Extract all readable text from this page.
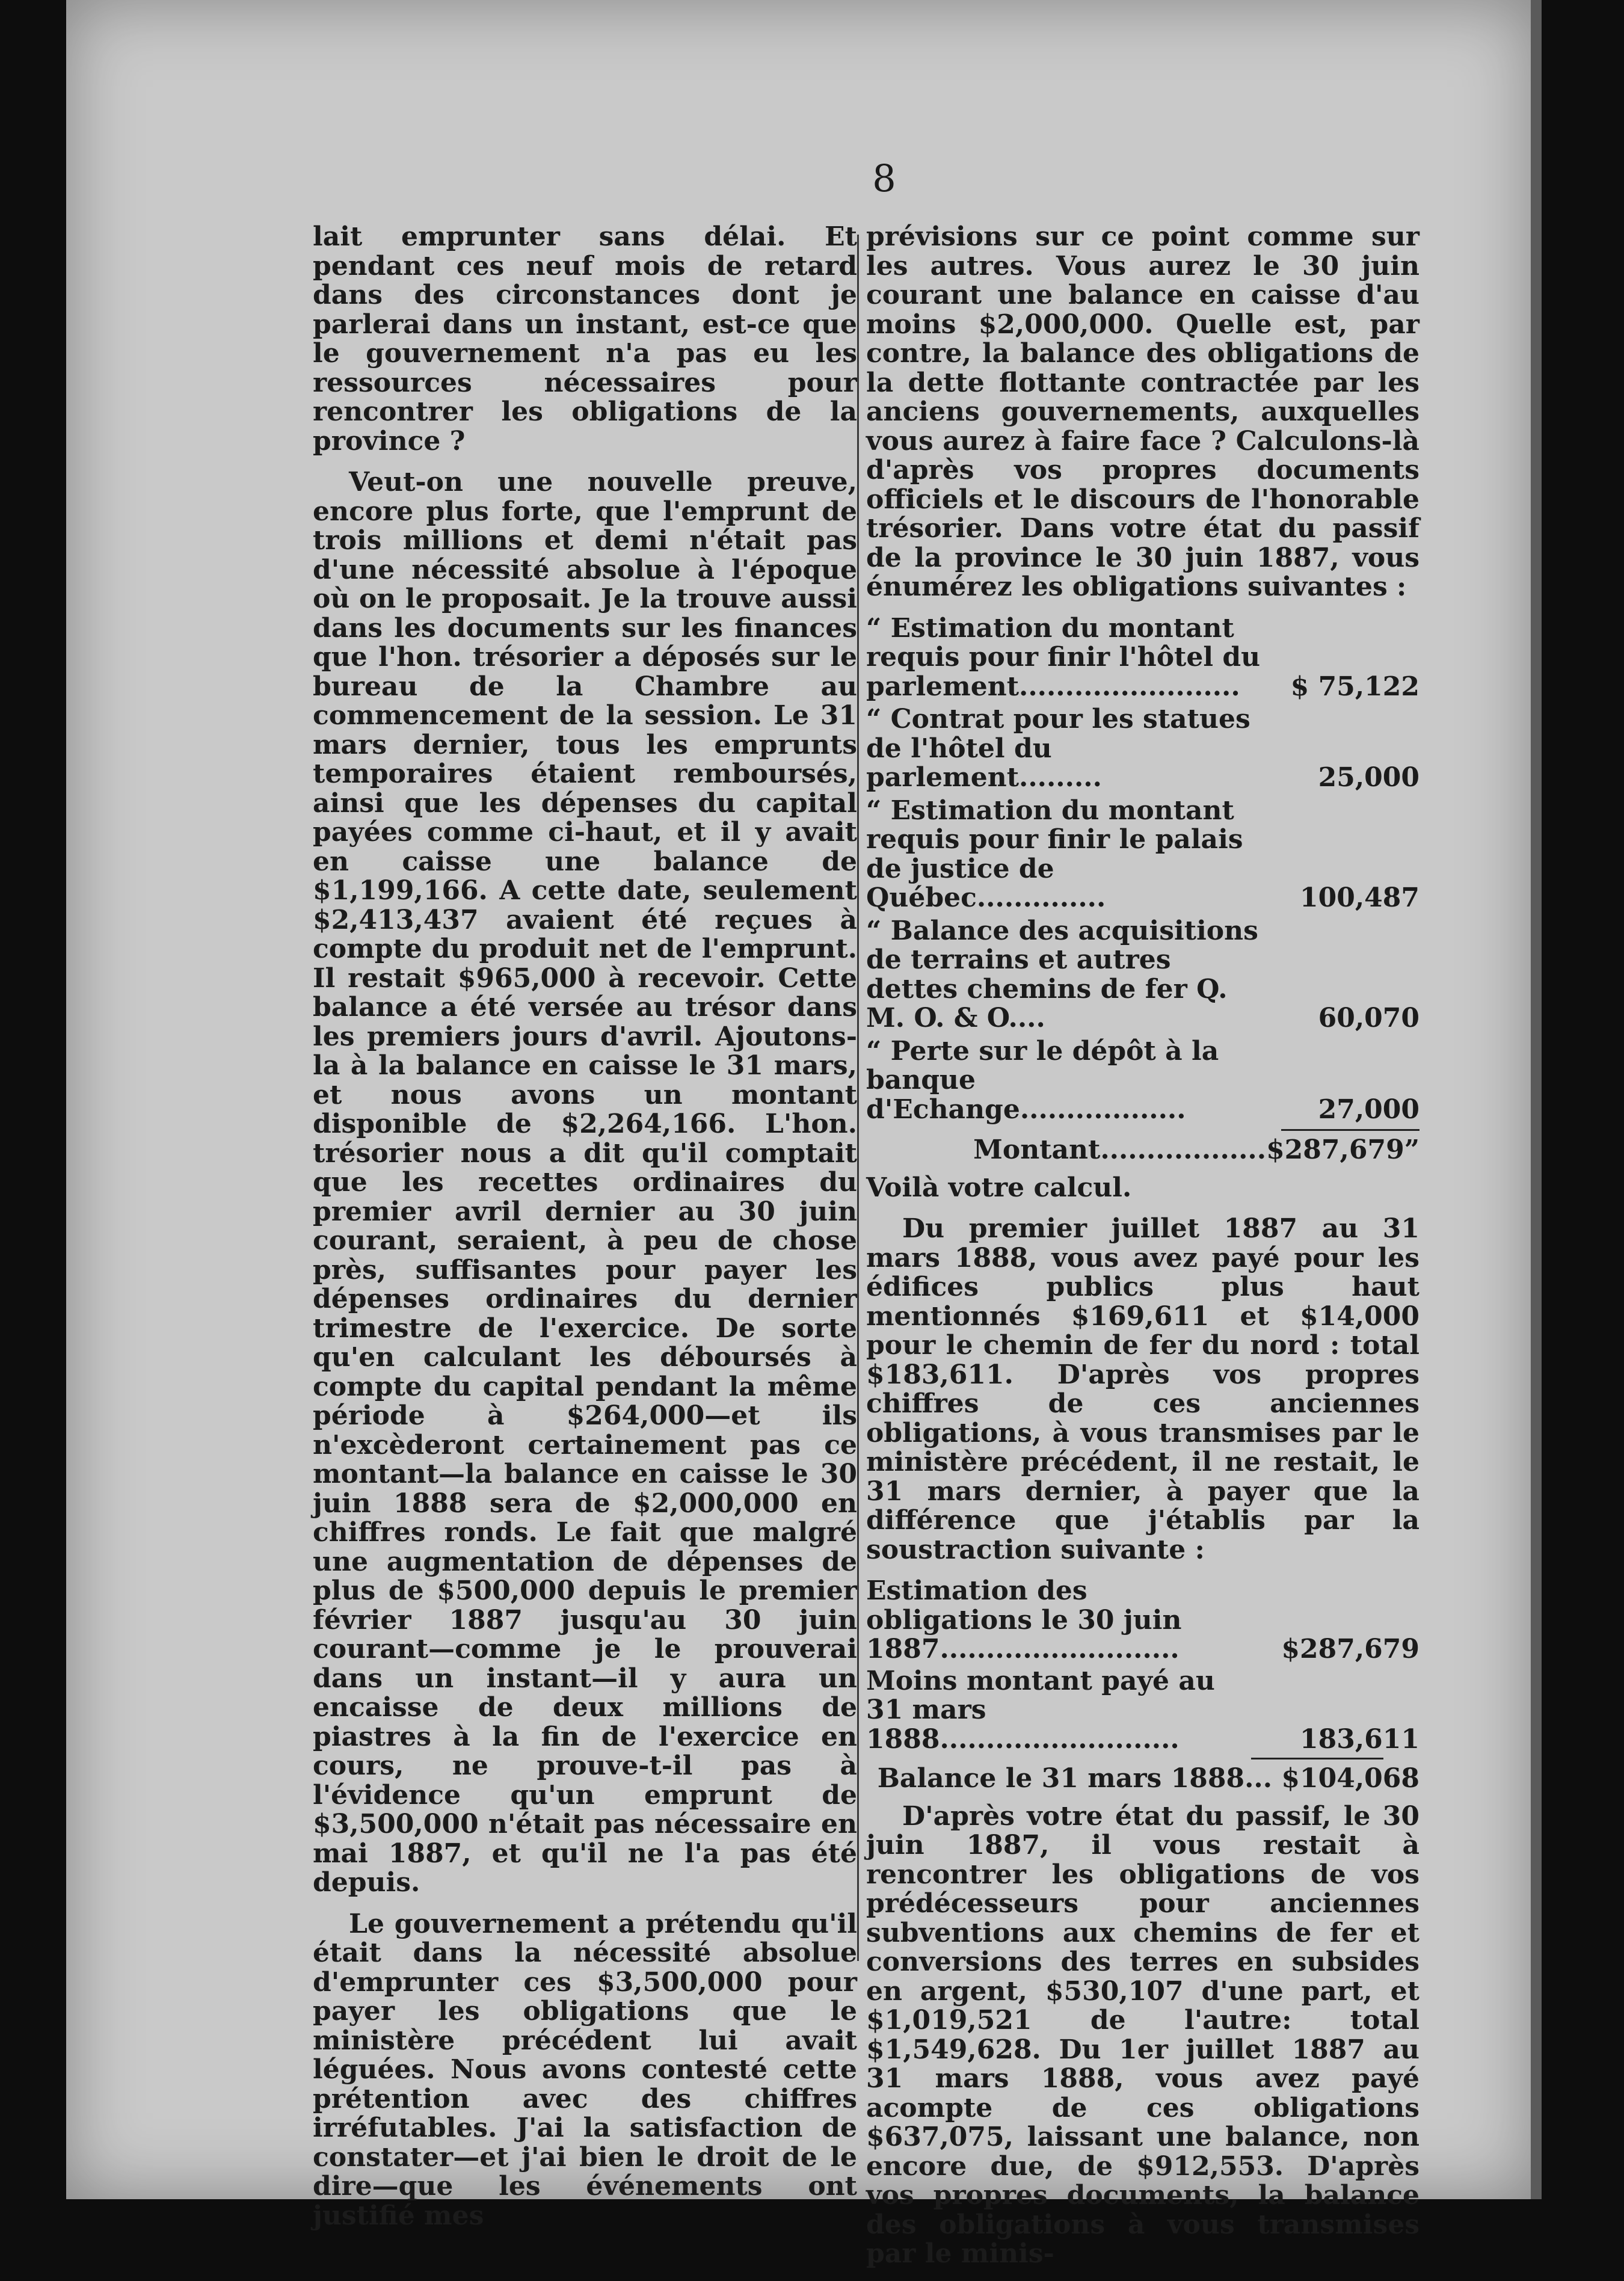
8

lait emprunter sans délai. Et pendant ces neuf mois de retard dans des circonstances dont je parlerai dans un instant, est-ce que le gouvernement n'a pas eu les ressources nécessaires pour rencontrer les obligations de la province ?

Veut-on une nouvelle preuve, encore plus forte, que l'emprunt de trois millions et demi n'était pas d'une nécessité absolue à l'époque où on le proposait. Je la trouve aussi dans les documents sur les finances que l'hon. trésorier a déposés sur le bureau de la Chambre au commencement de la session. Le 31 mars dernier, tous les emprunts temporaires étaient remboursés, ainsi que les dépenses du capital payées comme ci-haut, et il y avait en caisse une balance de $1,199,166. A cette date, seulement $2,413,437 avaient été reçues à compte du produit net de l'emprunt. Il restait $965,000 à recevoir. Cette balance a été versée au trésor dans les premiers jours d'avril. Ajoutons-la à la balance en caisse le 31 mars, et nous avons un montant disponible de $2,264,166. L'hon. trésorier nous a dit qu'il comptait que les recettes ordinaires du premier avril dernier au 30 juin courant, seraient, à peu de chose près, suffisantes pour payer les dépenses ordinaires du dernier trimestre de l'exercice. De sorte qu'en calculant les déboursés à compte du capital pendant la même période à $264,000—et ils n'excèderont certainement pas ce montant—la balance en caisse le 30 juin 1888 sera de $2,000,000 en chiffres ronds. Le fait que malgré une augmentation de dépenses de plus de $500,000 depuis le premier février 1887 jusqu'au 30 juin courant—comme je le prouverai dans un instant—il y aura un encaisse de deux millions de piastres à la fin de l'exercice en cours, ne prouve-t-il pas à l'évidence qu'un emprunt de $3,500,000 n'était pas nécessaire en mai 1887, et qu'il ne l'a pas été depuis.

Le gouvernement a prétendu qu'il était dans la nécessité absolue d'emprunter ces $3,500,000 pour payer les obligations que le ministère précédent lui avait léguées. Nous avons contesté cette prétention avec des chiffres irréfutables. J'ai la satisfaction de constater—et j'ai bien le droit de le dire—que les événements ont justifié mes

prévisions sur ce point comme sur les autres. Vous aurez le 30 juin courant une balance en caisse d'au moins $2,000,000. Quelle est, par contre, la balance des obligations de la dette flottante contractée par les anciens gouvernements, auxquelles vous aurez à faire face ? Calculons-là d'après vos propres documents officiels et le discours de l'honorable trésorier. Dans votre état du passif de la province le 30 juin 1887, vous énumérez les obligations suivantes :

“ Estimation du montant requis pour finir l'hôtel du parlement........................	$ 75,122
“ Contrat pour les statues de l'hôtel du parlement.........	25,000
“ Estimation du montant requis pour finir le palais de justice de Québec..............	100,487
“ Balance des acquisitions de terrains et autres dettes chemins de fer Q. M. O. & O....	60,070
“ Perte sur le dépôt à la banque d'Echange..................	27,000
Montant..................$287,679”

Voilà votre calcul.

Du premier juillet 1887 au 31 mars 1888, vous avez payé pour les édifices publics plus haut mentionnés $169,611 et $14,000 pour le chemin de fer du nord : total $183,611. D'après vos propres chiffres de ces anciennes obligations, à vous transmises par le ministère précédent, il ne restait, le 31 mars dernier, à payer que la différence que j'établis par la soustraction suivante :

Estimation des obligations le 30 juin 1887..........................	$287,679
Moins montant payé au 31 mars 1888..........................	183,611
Balance le 31 mars 1888... $104,068

D'après votre état du passif, le 30 juin 1887, il vous restait à rencontrer les obligations de vos prédécesseurs pour anciennes subventions aux chemins de fer et conversions des terres en subsides en argent, $530,107 d'une part, et $1,019,521 de l'autre: total $1,549,628. Du 1er juillet 1887 au 31 mars 1888, vous avez payé acompte de ces obligations $637,075, laissant une balance, non encore due, de $912,553. D'après vos propres documents, la balance des obligations à vous transmises par le minis-
